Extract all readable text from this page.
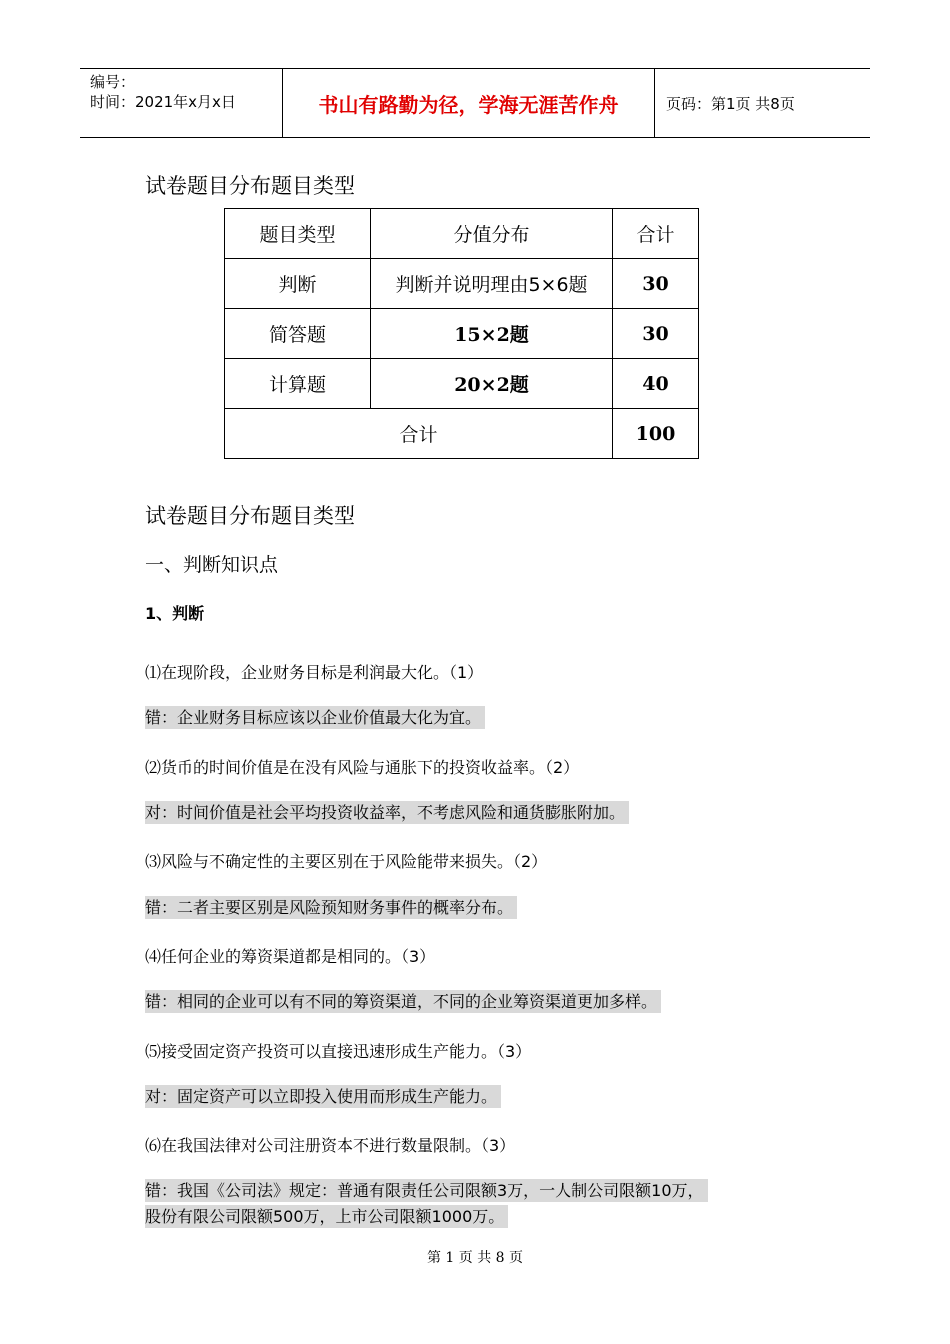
编号：
时间：2021年x月x日	书山有路勤为径，学海无涯苦作舟	页码：第1页 共8页
试卷题目分布题目类型
题目类型	分值分布	合计
判断	判断并说明理由5×6题	30
简答题	15×2题	30
计算题	20×2题	40
合计		100
试卷题目分布题目类型
一、判断知识点
1、判断
⑴在现阶段，企业财务目标是利润最大化。（1）
错：企业财务目标应该以企业价值最大化为宜。
⑵货币的时间价值是在没有风险与通胀下的投资收益率。（2）
对：时间价值是社会平均投资收益率，不考虑风险和通货膨胀附加。
⑶风险与不确定性的主要区别在于风险能带来损失。（2）
错：二者主要区别是风险预知财务事件的概率分布。
⑷任何企业的筹资渠道都是相同的。（3）
错：相同的企业可以有不同的筹资渠道，不同的企业筹资渠道更加多样。
⑸接受固定资产投资可以直接迅速形成生产能力。（3）
对：固定资产可以立即投入使用而形成生产能力。
⑹在我国法律对公司注册资本不进行数量限制。（3）
错：我国《公司法》规定：普通有限责任公司限额3万，一人制公司限额10万，
股份有限公司限额500万，上市公司限额1000万。
第 1 页 共 8 页
